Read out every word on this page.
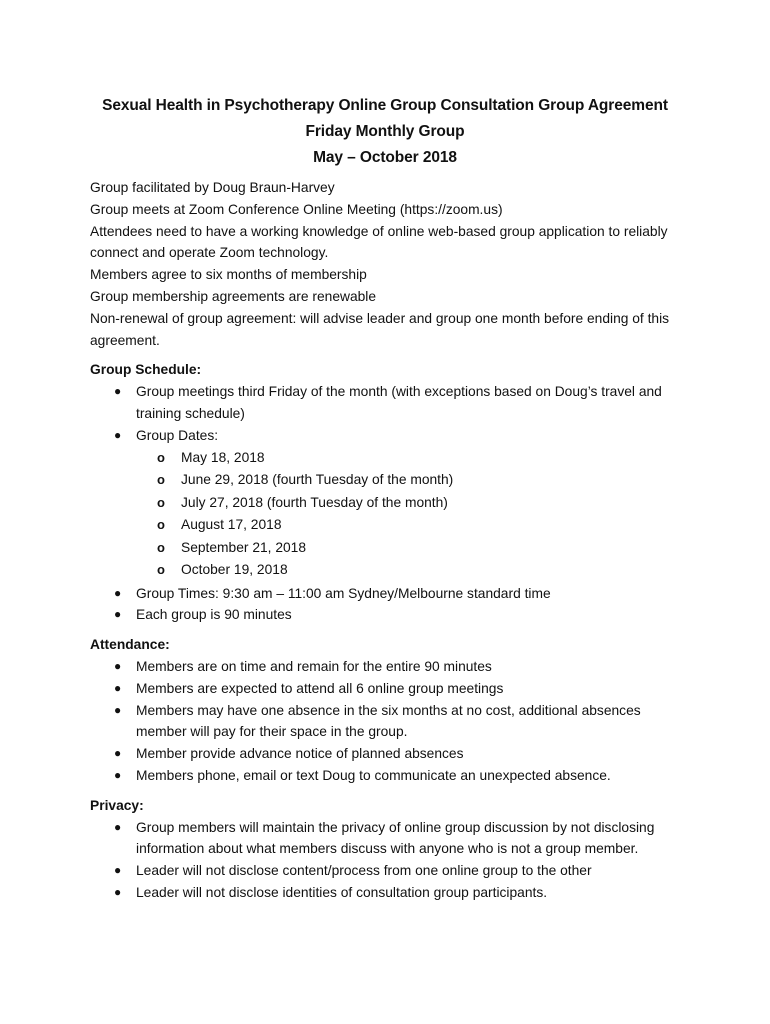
Sexual Health in Psychotherapy Online Group Consultation Group Agreement
Friday Monthly Group
May – October 2018

Group facilitated by Doug Braun-Harvey

Group meets at Zoom Conference Online Meeting (https://zoom.us)

Attendees need to have a working knowledge of online web-based group application to reliably connect and operate Zoom technology.

Members agree to six months of membership

Group membership agreements are renewable

Non-renewal of group agreement: will advise leader and group one month before ending of this agreement.

Group Schedule:
●	Group meetings third Friday of the month (with exceptions based on Doug’s travel and training schedule)
●	Group Dates:
o May 18, 2018
o June 29, 2018 (fourth Tuesday of the month)
o July 27, 2018 (fourth Tuesday of the month)
o August 17, 2018
o September 21, 2018
o October 19, 2018
●	Group Times: 9:30 am – 11:00 am Sydney/Melbourne standard time
●	Each group is 90 minutes
Attendance:
●	Members are on time and remain for the entire 90 minutes
●	Members are expected to attend all 6 online group meetings
●	Members may have one absence in the six months at no cost, additional absences member will pay for their space in the group.
●	Member provide advance notice of planned absences
●	Members phone, email or text Doug to communicate an unexpected absence.
Privacy:
●	Group members will maintain the privacy of online group discussion by not disclosing information about what members discuss with anyone who is not a group member.
●	Leader will not disclose content/process from one online group to the other
●	Leader will not disclose identities of consultation group participants.
